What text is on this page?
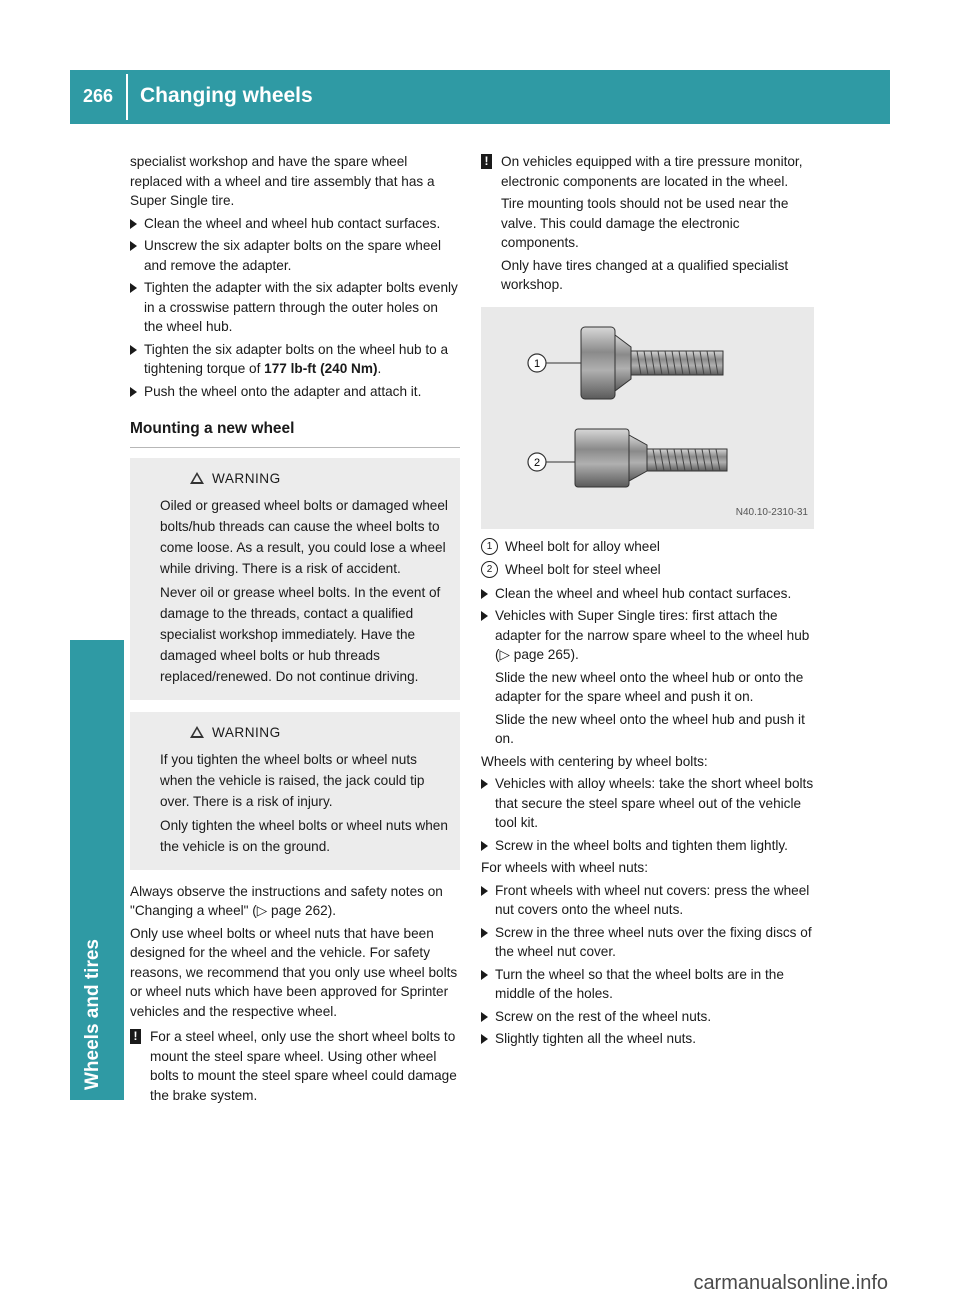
266	Changing wheels
Wheels and tires

specialist workshop and have the spare wheel replaced with a wheel and tire assembly that has a Super Single tire.

Clean the wheel and wheel hub contact surfaces.
Unscrew the six adapter bolts on the spare wheel and remove the adapter.
Tighten the adapter with the six adapter bolts evenly in a crosswise pattern through the outer holes on the wheel hub.
Tighten the six adapter bolts on the wheel hub to a tightening torque of 177 lb-ft (240 Nm).
Push the wheel onto the adapter and attach it.
Mounting a new wheel
WARNING

Oiled or greased wheel bolts or damaged wheel bolts/hub threads can cause the wheel bolts to come loose. As a result, you could lose a wheel while driving. There is a risk of accident.

Never oil or grease wheel bolts. In the event of damage to the threads, contact a qualified specialist workshop immediately. Have the damaged wheel bolts or hub threads replaced/renewed. Do not continue driving.

WARNING

If you tighten the wheel bolts or wheel nuts when the vehicle is raised, the jack could tip over. There is a risk of injury.

Only tighten the wheel bolts or wheel nuts when the vehicle is on the ground.

Always observe the instructions and safety notes on "Changing a wheel" (▷ page 262).

Only use wheel bolts or wheel nuts that have been designed for the wheel and the vehicle. For safety reasons, we recommend that you only use wheel bolts or wheel nuts which have been approved for Sprinter vehicles and the respective wheel.

! For a steel wheel, only use the short wheel bolts to mount the steel spare wheel. Using other wheel bolts to mount the steel spare wheel could damage the brake system.
! On vehicles equipped with a tire pressure monitor, electronic components are located in the wheel.

Tire mounting tools should not be used near the valve. This could damage the electronic components.

Only have tires changed at a qualified specialist workshop.

1
2
N40.10-2310-31
1 Wheel bolt for alloy wheel
2 Wheel bolt for steel wheel
Clean the wheel and wheel hub contact surfaces.
Vehicles with Super Single tires: first attach the adapter for the narrow spare wheel to the wheel hub (▷ page 265).

Slide the new wheel onto the wheel hub or onto the adapter for the spare wheel and push it on.

Slide the new wheel onto the wheel hub and push it on.

Wheels with centering by wheel bolts:

Vehicles with alloy wheels: take the short wheel bolts that secure the steel spare wheel out of the vehicle tool kit.
Screw in the wheel bolts and tighten them lightly.

For wheels with wheel nuts:

Front wheels with wheel nut covers: press the wheel nut covers onto the wheel nuts.
Screw in the three wheel nuts over the fixing discs of the wheel nut cover.
Turn the wheel so that the wheel bolts are in the middle of the holes.
Screw on the rest of the wheel nuts.
Slightly tighten all the wheel nuts.
carmanualsonline.info
